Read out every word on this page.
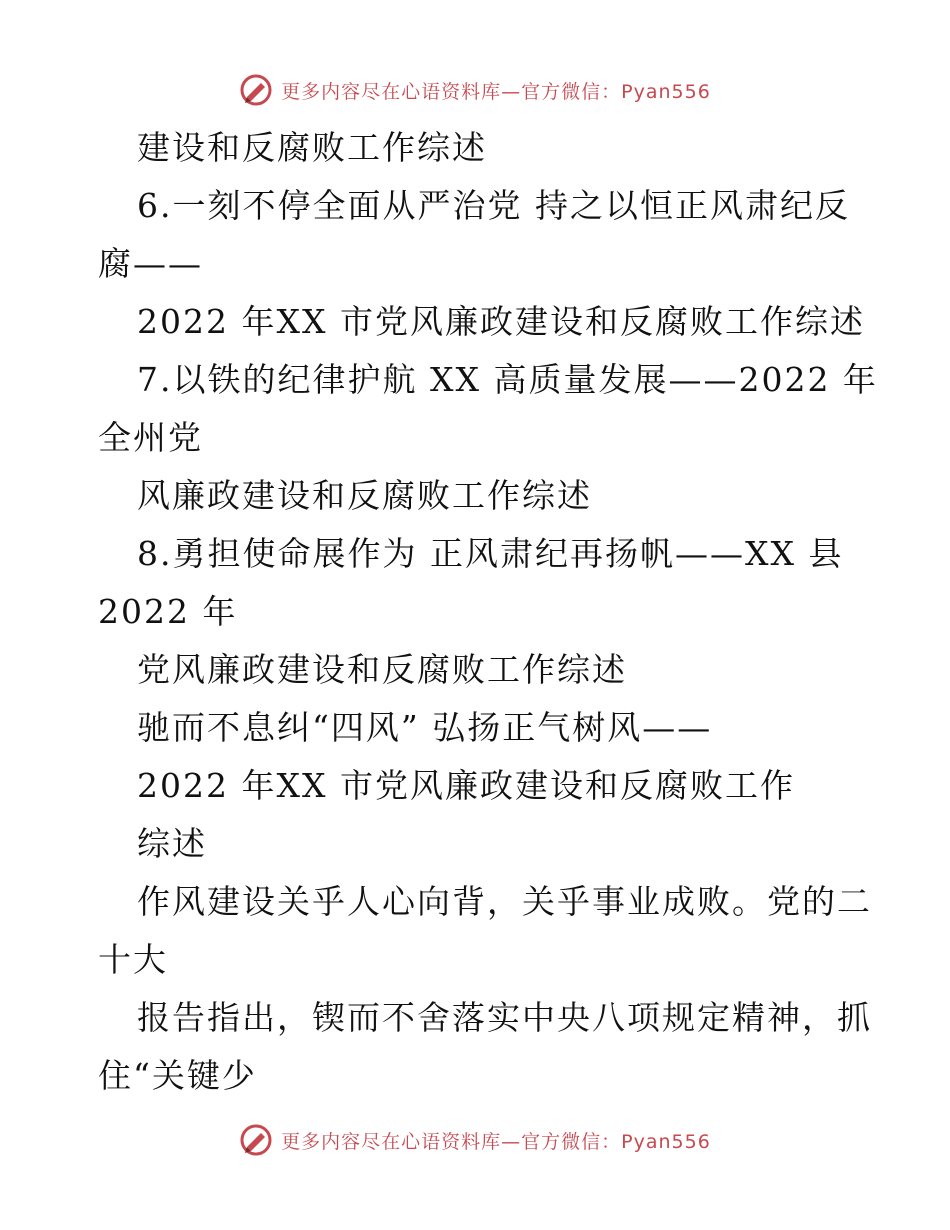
更多内容尽在心语资料库—官方微信：Pyan556
建设和反腐败工作综述
6.一刻不停全面从严治党 持之以恒正风肃纪反
腐——
2022 年XX 市党风廉政建设和反腐败工作综述
7.以铁的纪律护航 XX 高质量发展——2022 年
全州党
风廉政建设和反腐败工作综述
8.勇担使命展作为 正风肃纪再扬帆——XX 县
2022 年
党风廉政建设和反腐败工作综述
驰而不息纠“四风” 弘扬正气树风——
2022 年XX 市党风廉政建设和反腐败工作
综述
作风建设关乎人心向背，关乎事业成败。党的二
十大
报告指出，锲而不舍落实中央八项规定精神，抓
住“关键少
更多内容尽在心语资料库—官方微信：Pyan556
